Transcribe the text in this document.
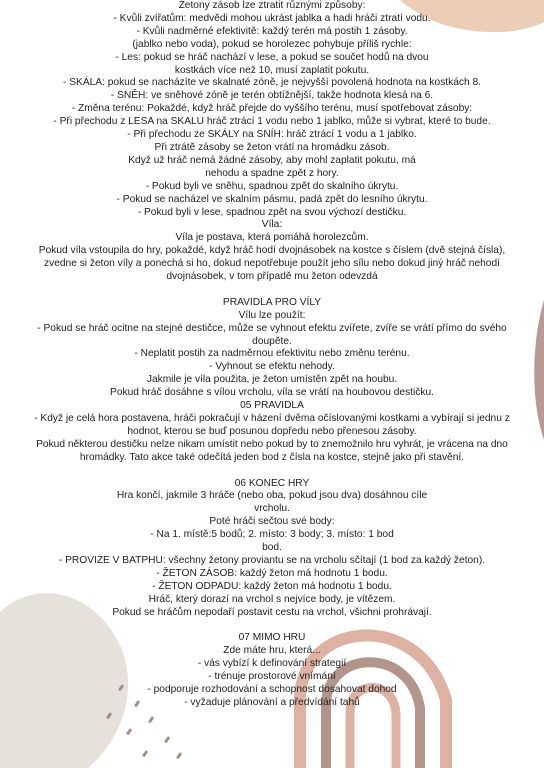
Žetony zásob lze ztratit různými způsoby:

- Kvůli zvířatům: medvědi mohou ukrást jablka a hadi hráči ztratí vodu.

- Kvůli nadměrné efektivitě: každý terén má postih 1 zásoby.

(jablko nebo voda), pokud se horolezec pohybuje příliš rychle:

- Les: pokud se hráč nachází v lese, a pokud se součet hodů na dvou

kostkách více než 10, musí zaplatit pokutu.

- SKÁLA: pokud se nacházíte ve skalnaté zóně, je nejvyšší povolená hodnota na kostkách 8.

- SNĚH: ve sněhové zóně je terén obtížnější, takže hodnota klesá na 6.

- Změna terénu: Pokaždé, když hráč přejde do vyššího terénu, musí spotřebovat zásoby:

- Při přechodu z LESA na SKALU hráč ztrácí 1 vodu nebo 1 jablko, může si vybrat, které to bude.

- Při přechodu ze SKÁLY na SNÍH: hráč ztrácí 1 vodu a 1 jablko.

Při ztrátě zásoby se žeton vrátí na hromádku zásob.

Když už hráč nemá žádné zásoby, aby mohl zaplatit pokutu, má

nehodu a spadne zpět z hory.

- Pokud byli ve sněhu, spadnou zpět do skalního úkrytu.

- Pokud se nacházel ve skalním pásmu, padá zpět do lesního úkrytu.

- Pokud byli v lese, spadnou zpět na svou výchozí destičku.

Víla:

Víla je postava, která pomáhá horolezcům.

Pokud víla vstoupila do hry, pokaždé, když hráč hodí dvojnásobek na kostce s číslem (dvě stejná čísla),

zvedne si žeton víly a ponechá si ho, dokud nepotřebuje použít jeho sílu nebo dokud jiný hráč nehodí

dvojnásobek, v tom případě mu žeton odevzdá

PRAVIDLA PRO VÍLY

Vílu lze použít:

- Pokud se hráč ocitne na stejné destičce, může se vyhnout efektu zvířete, zvíře se vrátí přímo do svého

doupěte.

- Neplatit postih za nadměrnou efektivitu nebo změnu terénu.

- Vyhnout se efektu nehody.

Jakmile je víla použita, je žeton umístěn zpět na houbu.

Pokud hráč dosáhne s vílou vrcholu, víla se vrátí na houbovou destičku.

05 PRAVIDLA

- Když je celá hora postavena, hráči pokračují v házení dvěma očíslovanými kostkami a vybírají si jednu z

hodnot, kterou se buď posunou dopředu nebo přenesou zásoby.

Pokud některou destičku nelze nikam umístit nebo pokud by to znemožnilo hru vyhrát, je vrácena na dno

hromádky. Tato akce také odečítá jeden bod z čísla na kostce, stejně jako při stavění.

06 KONEC HRY

Hra končí, jakmile 3 hráče (nebo oba, pokud jsou dva) dosáhnou cíle

vrcholu.

Poté hráči sečtou své body:

- Na 1. místě:5 bodů; 2. místo: 3 body; 3. místo: 1 bod

bod.

- PROVIZE V BATPHU: všechny žetony proviantu se na vrcholu sčítají (1 bod za každý žeton).

- ŽETON ZÁSOB: každý žeton má hodnotu 1 bodu.

- ŽETON ODPADU: každý žeton má hodnotu 1 bodu.

Hráč, který dorazí na vrchol s nejvíce body, je vítězem.

Pokud se hráčům nepodaří postavit cestu na vrchol, všichni prohrávají.

07 MIMO HRU

Zde máte hru, která...

- vás vybízí k definování strategií

- trénuje prostorové vnímání

- podporuje rozhodování a schopnost dosahovat dohod

- vyžaduje plánování a předvídání tahů
